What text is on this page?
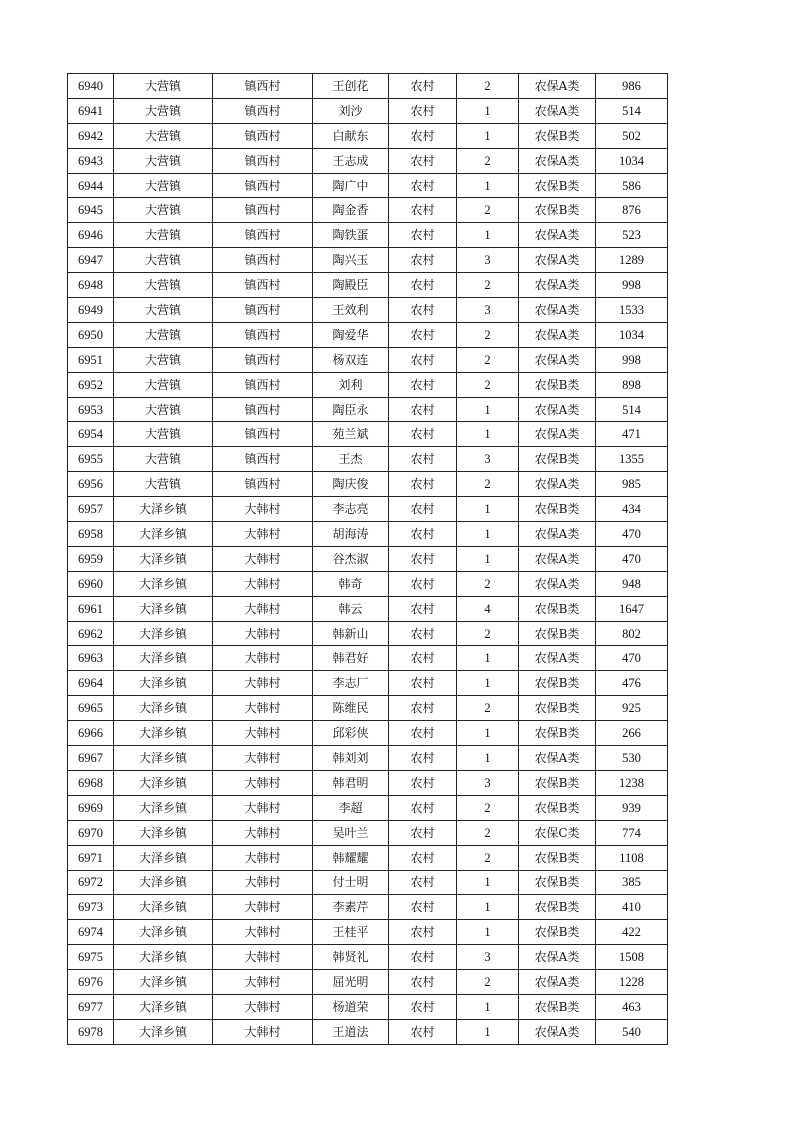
6940	大营镇	镇西村	王创花	农村	2	农保A类	986
6941	大营镇	镇西村	刘沙	农村	1	农保A类	514
6942	大营镇	镇西村	白献东	农村	1	农保B类	502
6943	大营镇	镇西村	王志成	农村	2	农保A类	1034
6944	大营镇	镇西村	陶广中	农村	1	农保B类	586
6945	大营镇	镇西村	陶金香	农村	2	农保B类	876
6946	大营镇	镇西村	陶铁蛋	农村	1	农保A类	523
6947	大营镇	镇西村	陶兴玉	农村	3	农保A类	1289
6948	大营镇	镇西村	陶殿臣	农村	2	农保A类	998
6949	大营镇	镇西村	王效利	农村	3	农保A类	1533
6950	大营镇	镇西村	陶爱华	农村	2	农保A类	1034
6951	大营镇	镇西村	杨双连	农村	2	农保A类	998
6952	大营镇	镇西村	刘利	农村	2	农保B类	898
6953	大营镇	镇西村	陶臣永	农村	1	农保A类	514
6954	大营镇	镇西村	苑兰斌	农村	1	农保A类	471
6955	大营镇	镇西村	王杰	农村	3	农保B类	1355
6956	大营镇	镇西村	陶庆俊	农村	2	农保A类	985
6957	大泽乡镇	大韩村	李志亮	农村	1	农保B类	434
6958	大泽乡镇	大韩村	胡海涛	农村	1	农保A类	470
6959	大泽乡镇	大韩村	谷杰淑	农村	1	农保A类	470
6960	大泽乡镇	大韩村	韩奇	农村	2	农保A类	948
6961	大泽乡镇	大韩村	韩云	农村	4	农保B类	1647
6962	大泽乡镇	大韩村	韩新山	农村	2	农保B类	802
6963	大泽乡镇	大韩村	韩君好	农村	1	农保A类	470
6964	大泽乡镇	大韩村	李志厂	农村	1	农保B类	476
6965	大泽乡镇	大韩村	陈维民	农村	2	农保B类	925
6966	大泽乡镇	大韩村	邱彩侠	农村	1	农保B类	266
6967	大泽乡镇	大韩村	韩刘刘	农村	1	农保A类	530
6968	大泽乡镇	大韩村	韩君明	农村	3	农保B类	1238
6969	大泽乡镇	大韩村	李超	农村	2	农保B类	939
6970	大泽乡镇	大韩村	吴叶兰	农村	2	农保C类	774
6971	大泽乡镇	大韩村	韩耀耀	农村	2	农保B类	1108
6972	大泽乡镇	大韩村	付士明	农村	1	农保B类	385
6973	大泽乡镇	大韩村	李素芹	农村	1	农保B类	410
6974	大泽乡镇	大韩村	王桂平	农村	1	农保B类	422
6975	大泽乡镇	大韩村	韩贤礼	农村	3	农保A类	1508
6976	大泽乡镇	大韩村	屈光明	农村	2	农保A类	1228
6977	大泽乡镇	大韩村	杨道荣	农村	1	农保B类	463
6978	大泽乡镇	大韩村	王道法	农村	1	农保A类	540
